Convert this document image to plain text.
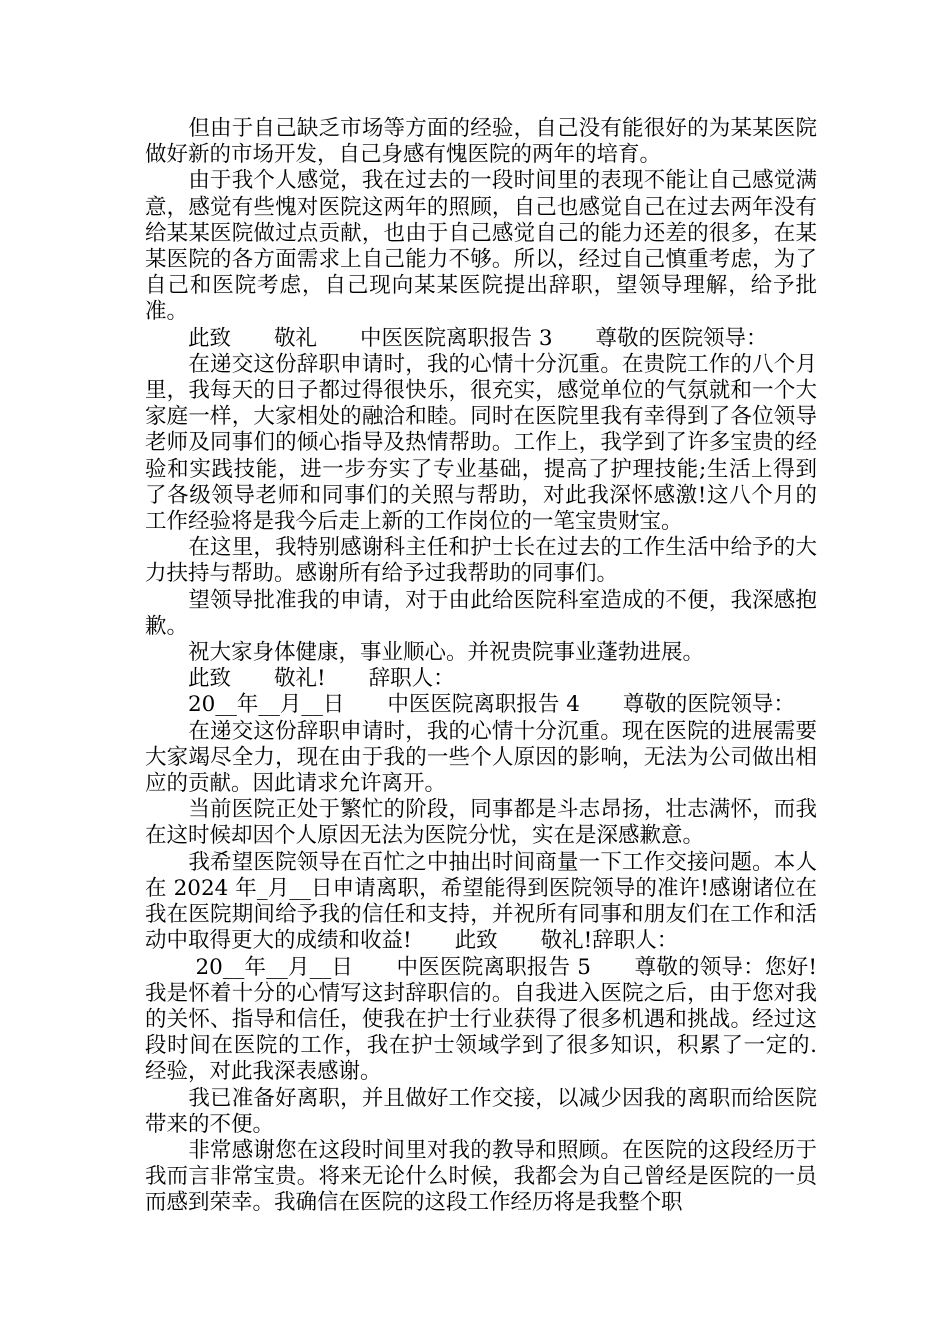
　　但由于自己缺乏市场等方面的经验，自己没有能很好的为某某医院做好新的市场开发，自己身感有愧医院的两年的培育。

　　由于我个人感觉，我在过去的一段时间里的表现不能让自己感觉满意，感觉有些愧对医院这两年的照顾，自己也感觉自己在过去两年没有给某某医院做过点贡献，也由于自己感觉自己的能力还差的很多，在某某医院的各方面需求上自己能力不够。所以，经过自己慎重考虑，为了自己和医院考虑，自己现向某某医院提出辞职，望领导理解，给予批准。

　　此致　　敬礼　　中医医院离职报告 3　　尊敬的医院领导：

　　在递交这份辞职申请时，我的心情十分沉重。在贵院工作的八个月里，我每天的日子都过得很快乐，很充实，感觉单位的气氛就和一个大家庭一样，大家相处的融洽和睦。同时在医院里我有幸得到了各位领导老师及同事们的倾心指导及热情帮助。工作上，我学到了许多宝贵的经验和实践技能，进一步夯实了专业基础，提高了护理技能;生活上得到了各级领导老师和同事们的关照与帮助，对此我深怀感激!这八个月的工作经验将是我今后走上新的工作岗位的一笔宝贵财宝。

　　在这里，我特别感谢科主任和护士长在过去的工作生活中给予的大力扶持与帮助。感谢所有给予过我帮助的同事们。

　　望领导批准我的申请，对于由此给医院科室造成的不便，我深感抱歉。

　　祝大家身体健康，事业顺心。并祝贵院事业蓬勃进展。

　　此致　　敬礼!　　辞职人：

　　20__年__月__日　　中医医院离职报告 4　　尊敬的医院领导：

　　在递交这份辞职申请时，我的心情十分沉重。现在医院的进展需要大家竭尽全力，现在由于我的一些个人原因的影响，无法为公司做出相应的贡献。因此请求允许离开。

　　当前医院正处于繁忙的阶段，同事都是斗志昂扬，壮志满怀，而我在这时候却因个人原因无法为医院分忧，实在是深感歉意。

　　我希望医院领导在百忙之中抽出时间商量一下工作交接问题。本人在 2024 年_月__日申请离职，希望能得到医院领导的准许!感谢诸位在我在医院期间给予我的信任和支持，并祝所有同事和朋友们在工作和活动中取得更大的成绩和收益!　　此致　　敬礼!辞职人：

　　 20__年__月__日　　中医医院离职报告 5　　尊敬的领导：您好!　　我是怀着十分的心情写这封辞职信的。自我进入医院之后，由于您对我的关怀、指导和信任，使我在护士行业获得了很多机遇和挑战。经过这段时间在医院的工作，我在护士领域学到了很多知识，积累了一定的.经验，对此我深表感谢。

　　我已准备好离职，并且做好工作交接，以减少因我的离职而给医院带来的不便。

　　非常感谢您在这段时间里对我的教导和照顾。在医院的这段经历于我而言非常宝贵。将来无论什么时候，我都会为自己曾经是医院的一员而感到荣幸。我确信在医院的这段工作经历将是我整个职
